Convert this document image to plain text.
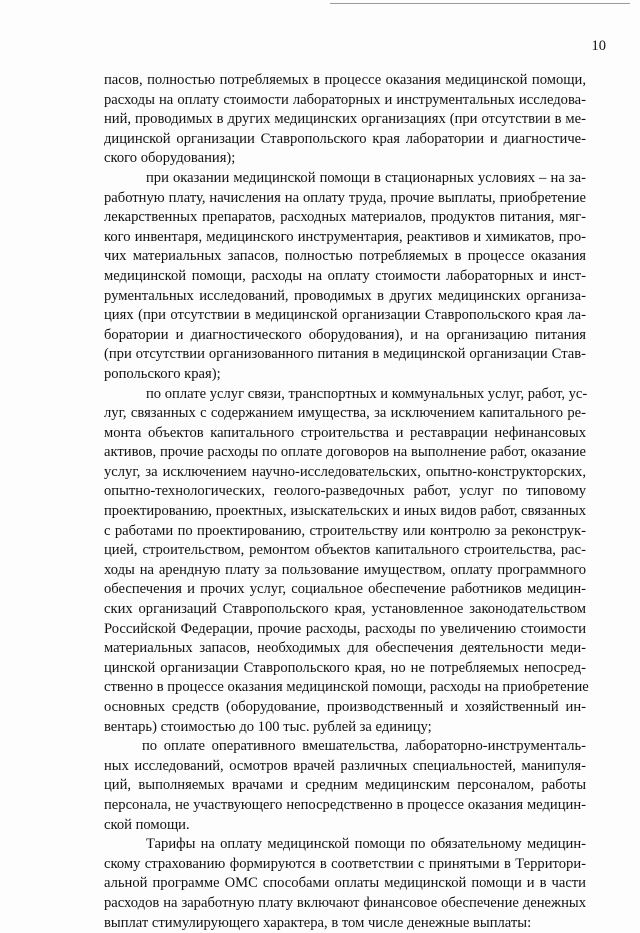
10
пасов, полностью потребляемых в процессе оказания медицинской помощи,
расходы на оплату стоимости лабораторных и инструментальных исследова-
ний, проводимых в других медицинских организациях (при отсутствии в ме-
дицинской организации Ставропольского края лаборатории и диагностиче-
ского оборудования);
при оказании медицинской помощи в стационарных условиях – на за-
работную плату, начисления на оплату труда, прочие выплаты, приобретение
лекарственных препаратов, расходных материалов, продуктов питания, мяг-
кого инвентаря, медицинского инструментария, реактивов и химикатов, про-
чих материальных запасов, полностью потребляемых в процессе оказания
медицинской помощи, расходы на оплату стоимости лабораторных и инст-
рументальных исследований, проводимых в других медицинских организа-
циях (при отсутствии в медицинской организации Ставропольского края ла-
боратории и диагностического оборудования), и на организацию питания
(при отсутствии организованного питания в медицинской организации Став-
ропольского края);
по оплате услуг связи, транспортных и коммунальных услуг, работ, ус-
луг, связанных с содержанием имущества, за исключением капитального ре-
монта объектов капитального строительства и реставрации нефинансовых
активов, прочие расходы по оплате договоров на выполнение работ, оказание
услуг, за исключением научно-исследовательских, опытно-конструкторских,
опытно-технологических, геолого-разведочных работ, услуг по типовому
проектированию, проектных, изыскательских и иных видов работ, связанных
с работами по проектированию, строительству или контролю за реконструк-
цией, строительством, ремонтом объектов капитального строительства, рас-
ходы на арендную плату за пользование имуществом, оплату программного
обеспечения и прочих услуг, социальное обеспечение работников медицин-
ских организаций Ставропольского края, установленное законодательством
Российской Федерации, прочие расходы, расходы по увеличению стоимости
материальных запасов, необходимых для обеспечения деятельности меди-
цинской организации Ставропольского края, но не потребляемых непосред-
ственно в процессе оказания медицинской помощи, расходы на приобретение
основных средств (оборудование, производственный и хозяйственный ин-
вентарь) стоимостью до 100 тыс. рублей за единицу;
по оплате оперативного вмешательства, лабораторно-инструменталь-
ных исследований, осмотров врачей различных специальностей, манипуля-
ций, выполняемых врачами и средним медицинским персоналом, работы
персонала, не участвующего непосредственно в процессе оказания медицин-
ской помощи.
Тарифы на оплату медицинской помощи по обязательному медицин-
скому страхованию формируются в соответствии с принятыми в Территори-
альной программе ОМС способами оплаты медицинской помощи и в части
расходов на заработную плату включают финансовое обеспечение денежных
выплат стимулирующего характера, в том числе денежные выплаты:
